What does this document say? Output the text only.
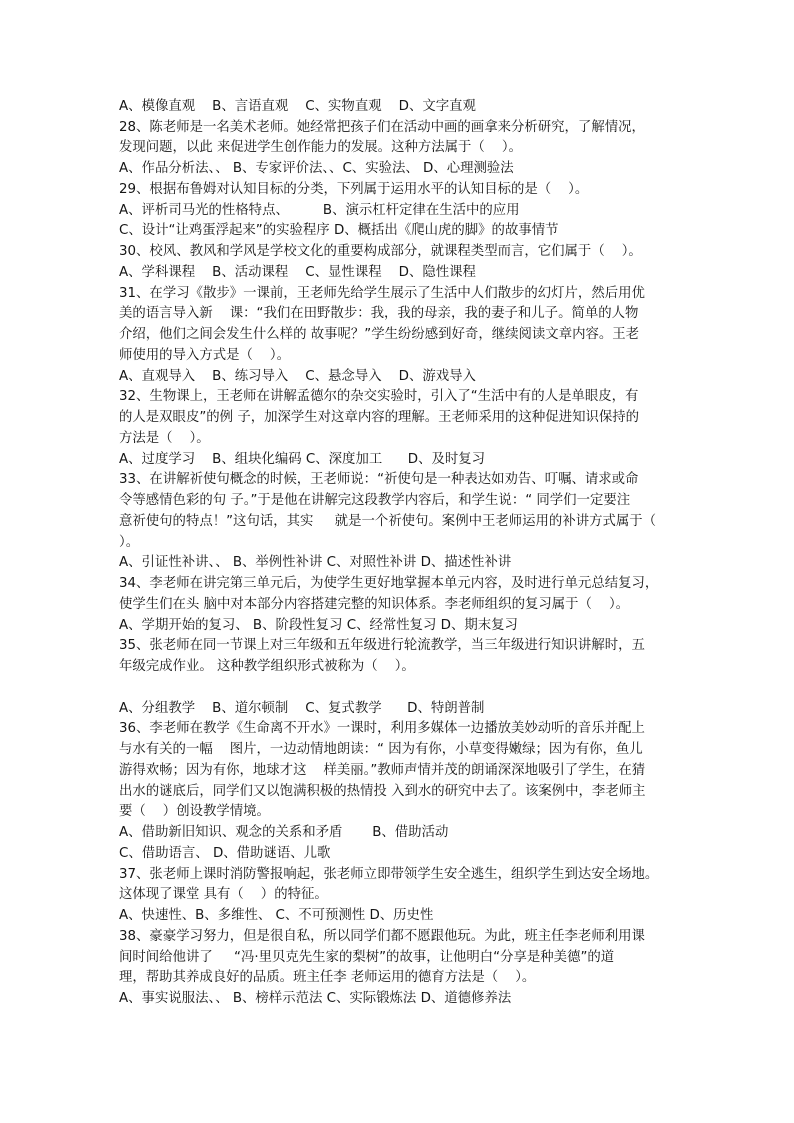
A、模像直观    B、言语直观    C、实物直观    D、文字直观
28、陈老师是一名美术老师。她经常把孩子们在活动中画的画拿来分析研究，了解情况，
发现问题，以此 来促进学生创作能力的发展。这种方法属于（    ）。
A、作品分析法、、 B、专家评价法、、C、实验法、 D、心理测验法
29、根据布鲁姆对认知目标的分类，下列属于运用水平的认知目标的是（    ）。
A、评析司马光的性格特点、        B、演示杠杆定律在生活中的应用
C、设计“让鸡蛋浮起来”的实验程序 D、概括出《爬山虎的脚》的故事情节
30、校风、教风和学风是学校文化的重要构成部分，就课程类型而言，它们属于（    ）。
A、学科课程    B、活动课程    C、显性课程    D、隐性课程
31、在学习《散步》一课前，王老师先给学生展示了生活中人们散步的幻灯片，然后用优
美的语言导入新    课：“我们在田野散步：我，我的母亲，我的妻子和儿子。简单的人物
介绍，他们之间会发生什么样的 故事呢？”学生纷纷感到好奇，继续阅读文章内容。王老
师使用的导入方式是（    ）。
A、直观导入    B、练习导入    C、悬念导入    D、游戏导入
32、生物课上，王老师在讲解孟德尔的杂交实验时，引入了“生活中有的人是单眼皮，有
的人是双眼皮”的例 子，加深学生对这章内容的理解。王老师采用的这种促进知识保持的
方法是（    ）。
A、过度学习    B、组块化编码 C、深度加工      D、及时复习
33、在讲解祈使句概念的时候，王老师说：“祈使句是一种表达如劝告、叮嘱、请求或命
令等感情色彩的句 子。”于是他在讲解完这段教学内容后，和学生说：“ 同学们一定要注
意祈使句的特点！”这句话，其实     就是一个祈使句。案例中王老师运用的补讲方式属于（
）。
A、引证性补讲、、 B、举例性补讲 C、对照性补讲 D、描述性补讲
34、李老师在讲完第三单元后，为使学生更好地掌握本单元内容，及时进行单元总结复习，
使学生们在头 脑中对本部分内容搭建完整的知识体系。李老师组织的复习属于（    ）。
A、学期开始的复习、 B、阶段性复习 C、经常性复习 D、期末复习
35、张老师在同一节课上对三年级和五年级进行轮流教学，当三年级进行知识讲解时，五
年级完成作业。 这种教学组织形式被称为（    ）。
A、分组教学    B、道尔顿制    C、复式教学      D、特朗普制
36、李老师在教学《生命离不开水》一课时，利用多媒体一边播放美妙动听的音乐并配上
与水有关的一幅    图片，一边动情地朗读：“ 因为有你，小草变得嫩绿；因为有你，鱼儿
游得欢畅；因为有你，地球才这    样美丽。”教师声情并茂的朗诵深深地吸引了学生，在猜
出水的谜底后，同学们又以饱满积极的热情投 入到水的研究中去了。该案例中，李老师主
要（    ）创设教学情境。
A、借助新旧知识、观念的关系和矛盾       B、借助活动
C、借助语言、 D、借助谜语、儿歌
37、张老师上课时消防警报响起，张老师立即带领学生安全逃生，组织学生到达安全场地。
这体现了课堂 具有（    ）的特征。
A、快速性、B、多维性、 C、不可预测性 D、历史性
38、豪豪学习努力，但是很自私，所以同学们都不愿跟他玩。为此，班主任李老师利用课
间时间给他讲了     “冯·里贝克先生家的梨树”的故事，让他明白“分享是种美德”的道
理，帮助其养成良好的品质。班主任李 老师运用的德育方法是（    ）。
A、事实说服法、、 B、榜样示范法 C、实际锻炼法 D、道德修养法
